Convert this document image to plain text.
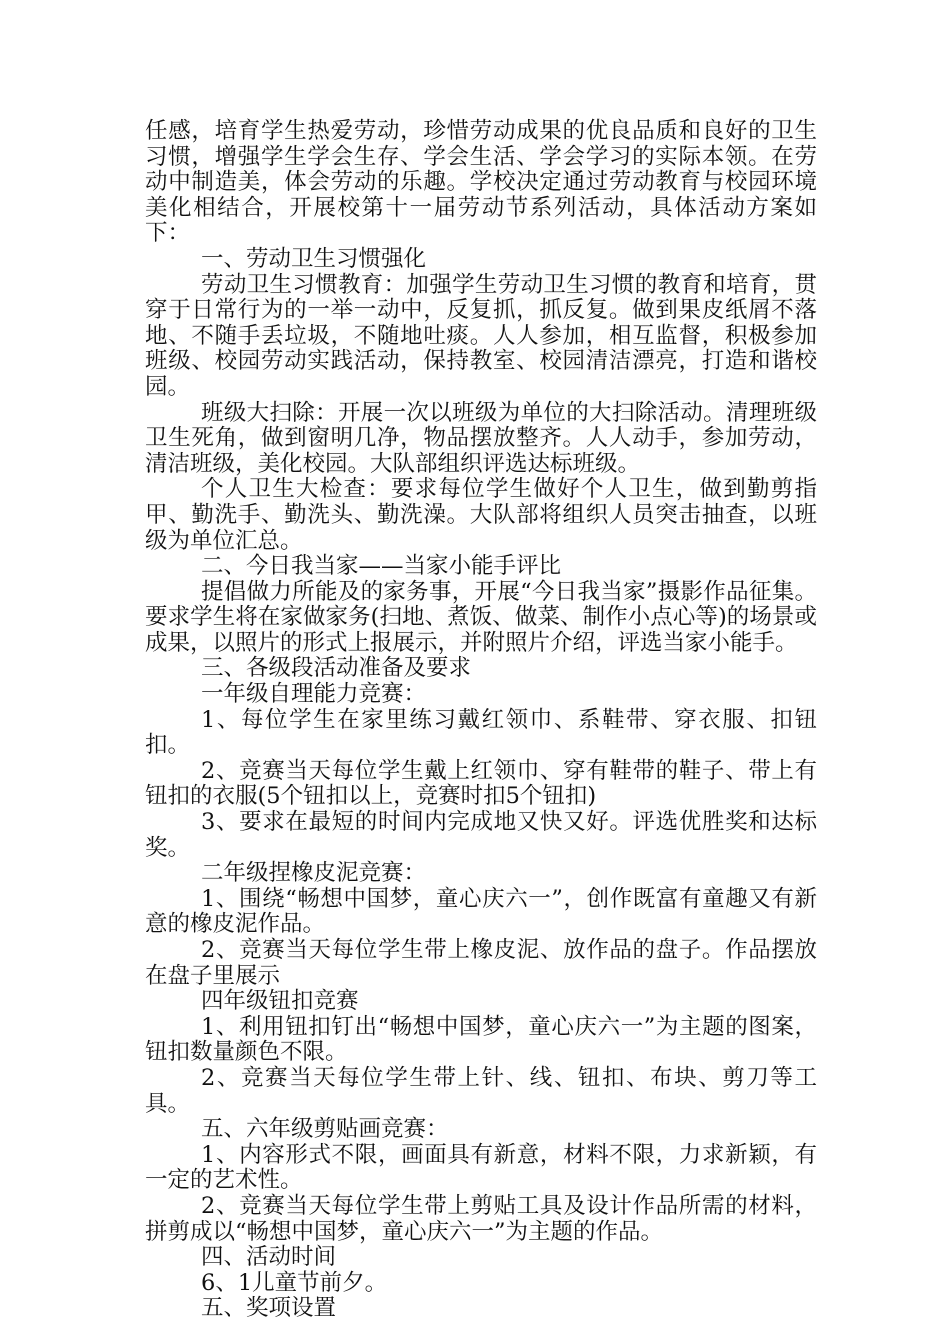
任感，培育学生热爱劳动，珍惜劳动成果的优良品质和良好的卫生习惯，增强学生学会生存、学会生活、学会学习的实际本领。在劳动中制造美，体会劳动的乐趣。学校决定通过劳动教育与校园环境美化相结合，开展校第十一届劳动节系列活动，具体活动方案如下：

一、劳动卫生习惯强化

劳动卫生习惯教育：加强学生劳动卫生习惯的教育和培育，贯穿于日常行为的一举一动中，反复抓，抓反复。做到果皮纸屑不落地、不随手丢垃圾，不随地吐痰。人人参加，相互监督，积极参加班级、校园劳动实践活动，保持教室、校园清洁漂亮，打造和谐校园。

班级大扫除：开展一次以班级为单位的大扫除活动。清理班级卫生死角，做到窗明几净，物品摆放整齐。人人动手，参加劳动，清洁班级，美化校园。大队部组织评选达标班级。

个人卫生大检查：要求每位学生做好个人卫生，做到勤剪指甲、勤洗手、勤洗头、勤洗澡。大队部将组织人员突击抽查，以班级为单位汇总。

二、今日我当家——当家小能手评比

提倡做力所能及的家务事，开展“今日我当家”摄影作品征集。要求学生将在家做家务(扫地、煮饭、做菜、制作小点心等)的场景或成果，以照片的形式上报展示，并附照片介绍，评选当家小能手。

三、各级段活动准备及要求

一年级自理能力竞赛：

1、每位学生在家里练习戴红领巾、系鞋带、穿衣服、扣钮扣。

2、竞赛当天每位学生戴上红领巾、穿有鞋带的鞋子、带上有钮扣的衣服(5个钮扣以上，竞赛时扣5个钮扣)

3、要求在最短的时间内完成地又快又好。评选优胜奖和达标奖。

二年级捏橡皮泥竞赛：

1、围绕“畅想中国梦，童心庆六一”，创作既富有童趣又有新意的橡皮泥作品。

2、竞赛当天每位学生带上橡皮泥、放作品的盘子。作品摆放在盘子里展示

四年级钮扣竞赛

1、利用钮扣钉出“畅想中国梦，童心庆六一”为主题的图案，钮扣数量颜色不限。

2、竞赛当天每位学生带上针、线、钮扣、布块、剪刀等工具。

五、六年级剪贴画竞赛：

1、内容形式不限，画面具有新意，材料不限，力求新颖，有一定的艺术性。

2、竞赛当天每位学生带上剪贴工具及设计作品所需的材料，拼剪成以“畅想中国梦，童心庆六一”为主题的作品。

四、活动时间

6、1儿童节前夕。

五、奖项设置
